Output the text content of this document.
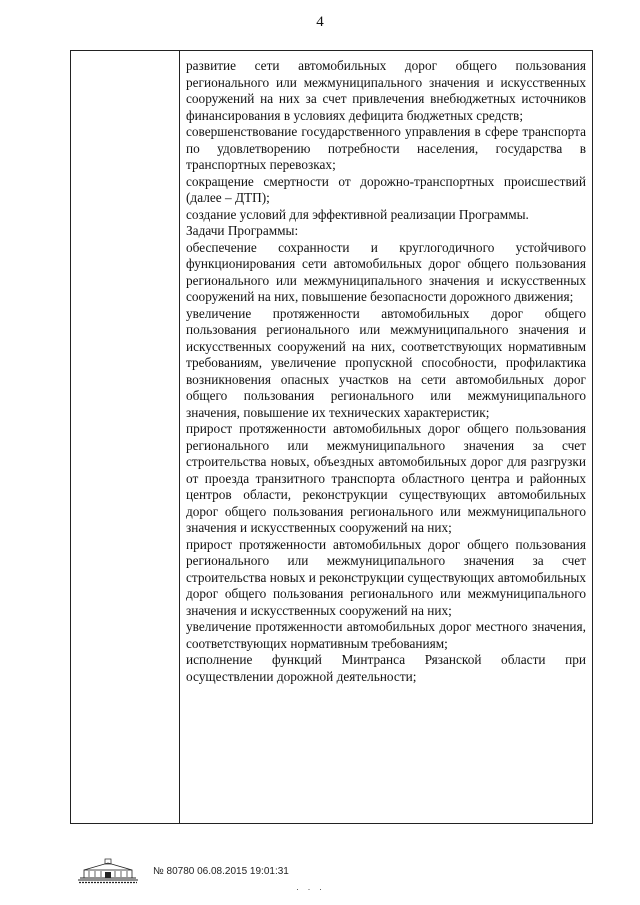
4

развитие сети автомобильных дорог общего пользования регионального или межмуниципального значения и искусственных сооружений на них за счет привлечения внебюджетных источников финансирования в условиях дефицита бюджетных средств;

совершенствование государственного управления в сфере транспорта по удовлетворению потребности населения, государства в транспортных перевозках;

сокращение смертности от дорожно-транспортных происшествий (далее – ДТП);

создание условий для эффективной реализации Программы.

Задачи Программы:

обеспечение сохранности и круглогодичного устойчивого функционирования сети автомобильных дорог общего пользования регионального или межмуниципального значения и искусственных сооружений на них, повышение безопасности дорожного движения;

увеличение протяженности автомобильных дорог общего пользования регионального или межмуниципального значения и искусственных сооружений на них, соответствующих нормативным требованиям, увеличение пропускной способности, профилактика возникновения опасных участков на сети автомобильных дорог общего пользования регионального или межмуниципального значения, повышение их технических характеристик;

прирост протяженности автомобильных дорог общего пользования регионального или межмуниципального значения за счет строительства новых, объездных автомобильных дорог для разгрузки от проезда транзитного транспорта областного центра и районных центров области, реконструкции существующих автомобильных дорог общего пользования регионального или межмуниципального значения и искусственных сооружений на них;

прирост протяженности автомобильных дорог общего пользования регионального или межмуниципального значения за счет строительства новых и реконструкции существующих автомобильных дорог общего пользования регионального или межмуниципального значения и искусственных сооружений на них;

увеличение протяженности автомобильных дорог местного значения, соответствующих нормативным требованиям;

исполнение функций Минтранса Рязанской области при осуществлении дорожной деятельности;

№ 80780 06.08.2015 19:01:31
· · ·
